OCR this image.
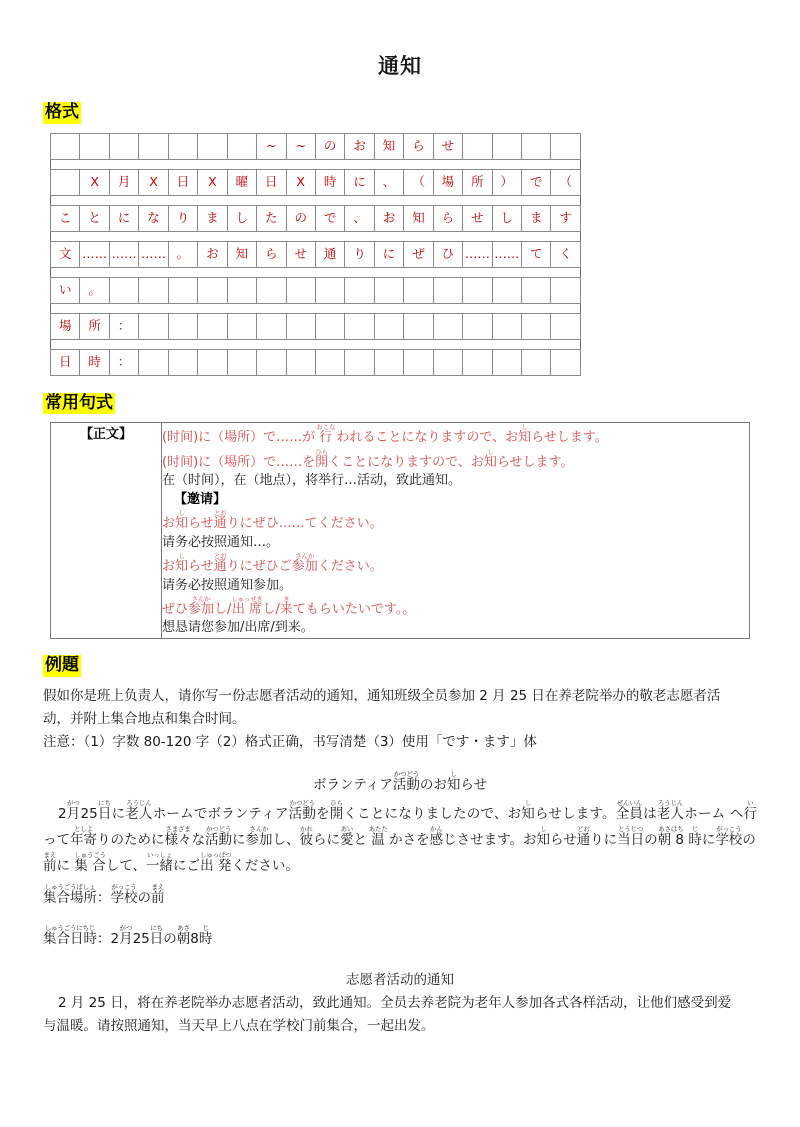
通知
格式
							~	~	の	お	知	ら	せ				

	X	月	X	日	X	曜	日	X	時	に	、	（	場	所	）	で	（

こ	と	に	な	り	ま	し	た	の	で	、	お	知	ら	せ	し	ま	す

文	……	……	……	。	お	知	ら	せ	通	り	に	ぜ	ひ	……	……	て	く

い	。																

場	所	：															

日	時	：															
常用句式
【正文】	(时间)に（場所）で……が 行おこな われることになりますので、お知しらせします。
(时间)に（場所）で……を開ひらくことになりますので、お知しらせします。
在（时间），在（地点），将举行…活动，致此通知。
【邀请】
お知しらせ通とおりにぜひ……てください。
请务必按照通知…。
お知しらせ通とおりにぜひご参加さんかください。
请务必按照通知参加。
ぜひ参加さんかし/出 席しゅっせきし/来きてもらいたいです。。
想恳请您参加/出席/到来。
例題
假如你是班上负责人，请你写一份志愿者活动的通知，通知班级全员参加 2 月 25 日在养老院举办的敬老志愿者活
动，并附上集合地点和集合时间。
注意：（1）字数 80-120 字（2）格式正确，书写清楚（3）使用「です・ます」体
ボランティア活動かつどうのお知しらせ
2月がつ25日にちに老人ろうじんホームでボランティア活動かつどうを開ひらくことになりましたので、お知しらせします。全員ぜんいんは老人ろうじんホーム へ行いって年寄としよりのために様々さまざまな活動かつどうに参加さんかし、彼かれらに愛あいと 温あたた かさを感かんじさせます。お知しらせ通どおりに当日とうじつの朝 8あさはち 時じに学校がっこうの前まえに 集 合しゅうごうして、一緒いっしょにご出 発しゅっぱつください。
集合場所しゅうごうばしょ：学校がっこうの前まえ
集合日時しゅうごうにちじ：2月がつ25日にちの朝あさ8時じ
志愿者活动的通知
2 月 25 日，将在养老院举办志愿者活动，致此通知。全员去养老院为老年人参加各式各样活动，让他们感受到爱
与温暖。请按照通知，当天早上八点在学校门前集合，一起出发。
